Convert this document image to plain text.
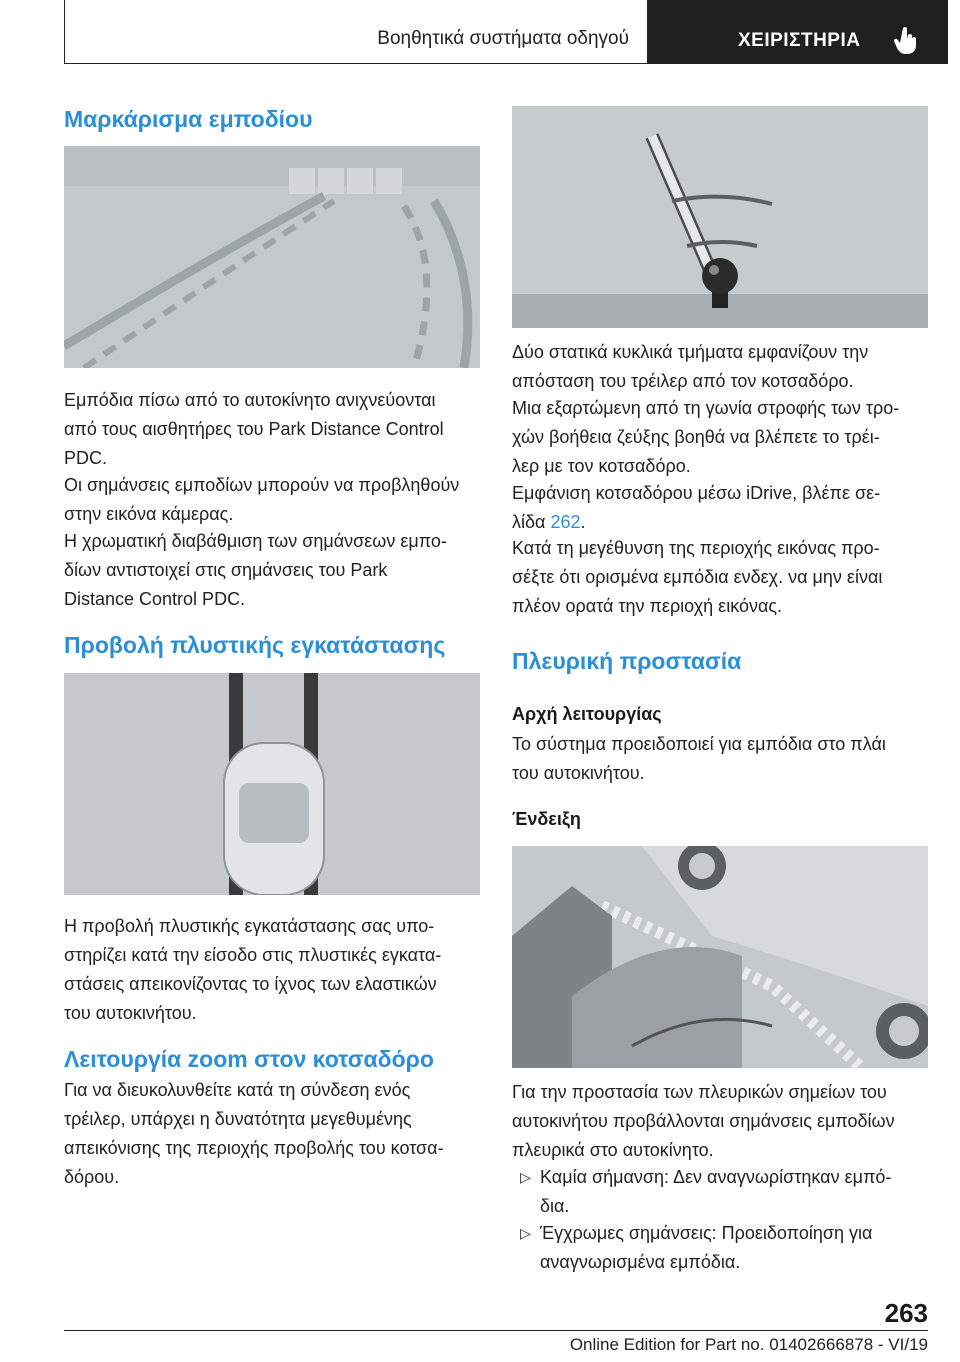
Βοηθητικά συστήματα οδηγού	ΧΕΙΡΙΣΤΗΡΙΑ
Μαρκάρισμα εμποδίου

Εμπόδια πίσω από το αυτοκίνητο ανιχνεύονται
από τους αισθητήρες του Park Distance Control
PDC.

Οι σημάνσεις εμποδίων μπορούν να προβληθούν
στην εικόνα κάμερας.

Η χρωματική διαβάθμιση των σημάνσεων εμπο-
δίων αντιστοιχεί στις σημάνσεις του Park
Distance Control PDC.

Προβολή πλυστικής εγκατάστασης

Η προβολή πλυστικής εγκατάστασης σας υπο-
στηρίζει κατά την είσοδο στις πλυστικές εγκατα-
στάσεις απεικονίζοντας το ίχνος των ελαστικών
του αυτοκινήτου.

Λειτουργία zoom στον κοτσαδόρο

Για να διευκολυνθείτε κατά τη σύνδεση ενός
τρέιλερ, υπάρχει η δυνατότητα μεγεθυμένης
απεικόνισης της περιοχής προβολής του κοτσα-
δόρου.

Δύο στατικά κυκλικά τμήματα εμφανίζουν την
απόσταση του τρέιλερ από τον κοτσαδόρο.

Μια εξαρτώμενη από τη γωνία στροφής των τρο-
χών βοήθεια ζεύξης βοηθά να βλέπετε το τρέι-
λερ με τον κοτσαδόρο.

Εμφάνιση κοτσαδόρου μέσω iDrive, βλέπε σε-
λίδα 262.

Κατά τη μεγέθυνση της περιοχής εικόνας προ-
σέξτε ότι ορισμένα εμπόδια ενδεχ. να μην είναι
πλέον ορατά την περιοχή εικόνας.

Πλευρική προστασία
Αρχή λειτουργίας

Το σύστημα προειδοποιεί για εμπόδια στο πλάι
του αυτοκινήτου.

Ένδειξη

Για την προστασία των πλευρικών σημείων του
αυτοκινήτου προβάλλονται σημάνσεις εμποδίων
πλευρικά στο αυτοκίνητο.

▷ Καμία σήμανση: Δεν αναγνωρίστηκαν εμπό-
δια.
▷ Έγχρωμες σημάνσεις: Προειδοποίηση για
αναγνωρισμένα εμπόδια.
263
Online Edition for Part no. 01402666878 - VI/19
